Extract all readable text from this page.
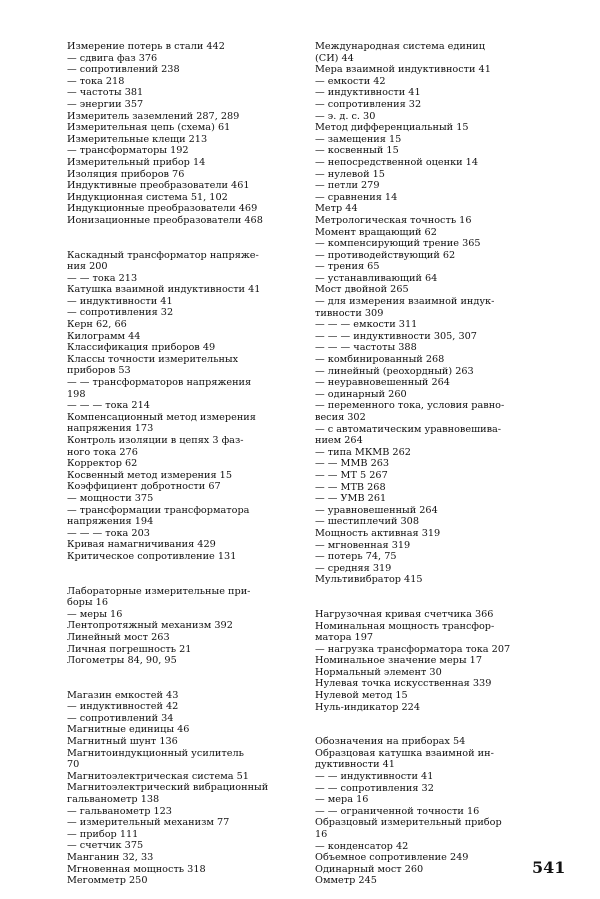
Измерение потерь в стали 442
— сдвига фаз 376
— сопротивлений 238
— тока 218
— частоты 381
— энергии 357
Измеритель заземлений 287, 289
Измерительная цепь (схема) 61
Измерительные клещи 213
— трансформаторы 192
Измерительный прибор 14
Изоляция приборов 76
Индуктивные преобразователи 461
Индукционная система 51, 102
Индукционные преобразователи 469
Ионизационные преобразователи 468
Каскадный трансформатор напряже-
ния 200
— — тока 213
Катушка взаимной индуктивности 41
— индуктивности 41
— сопротивления 32
Керн 62, 66
Килограмм 44
Классификация приборов 49
Классы точности измерительных
приборов 53
— — трансформаторов напряжения
198
— — — тока 214
Компенсационный метод измерения
напряжения 173
Контроль изоляции в цепях 3 фаз-
ного тока 276
Корректор 62
Косвенный метод измерения 15
Коэффициент добротности 67
— мощности 375
— трансформации трансформатора
напряжения 194
— — — тока 203
Кривая намагничивания 429
Критическое сопротивление 131
Лабораторные измерительные при-
боры 16
— меры 16
Лентопротяжный механизм 392
Линейный мост 263
Личная погрешность 21
Логометры 84, 90, 95
Магазин емкостей 43
— индуктивностей 42
— сопротивлений 34
Магнитные единицы 46
Магнитный шунт 136
Магнитоиндукционный усилитель
70
Магнитоэлектрическая система 51
Магнитоэлектрический вибрационный
гальванометр 138
— гальванометр 123
— измерительный механизм 77
— прибор 111
— счетчик 375
Манганин 32, 33
Мгновенная мощность 318
Мегомметр 250
Международная система единиц
(СИ) 44
Мера взаимной индуктивности 41
— емкости 42
— индуктивности 41
— сопротивления 32
— э. д. с. 30
Метод дифференциальный 15
— замещения 15
— косвенный 15
— непосредственной оценки 14
— нулевой 15
— петли 279
— сравнения 14
Метр 44
Метрологическая точность 16
Момент вращающий 62
— компенсирующий трение 365
— противодействующий 62
— трения 65
— устанавливающий 64
Мост двойной 265
— для измерения взаимной индук-
тивности 309
— — — емкости 311
— — — индуктивности 305, 307
— — — частоты 388
— комбинированный 268
— линейный (реохордный) 263
— неуравновешенный 264
— одинарный 260
— переменного тока, условия равно-
весия 302
— с автоматическим уравновешива-
нием 264
— типа МКМВ 262
— — ММВ 263
— — МТ 5 267
— — МТВ 268
— — УМВ 261
— уравновешенный 264
— шестиплечий 308
Мощность активная 319
— мгновенная 319
— потерь 74, 75
— средняя 319
Мультивибратор 415
Нагрузочная кривая счетчика 366
Номинальная мощность трансфор-
матора 197
— нагрузка трансформатора тока 207
Номинальное значение меры 17
Нормальный элемент 30
Нулевая точка искусственная 339
Нулевой метод 15
Нуль-индикатор 224
Обозначения на приборах 54
Образцовая катушка взаимной ин-
дуктивности 41
— — индуктивности 41
— — сопротивления 32
— мера 16
— — ограниченной точности 16
Образцовый измерительный прибор
16
— конденсатор 42
Объемное сопротивление 249
Одинарный мост 260
Омметр 245
541
